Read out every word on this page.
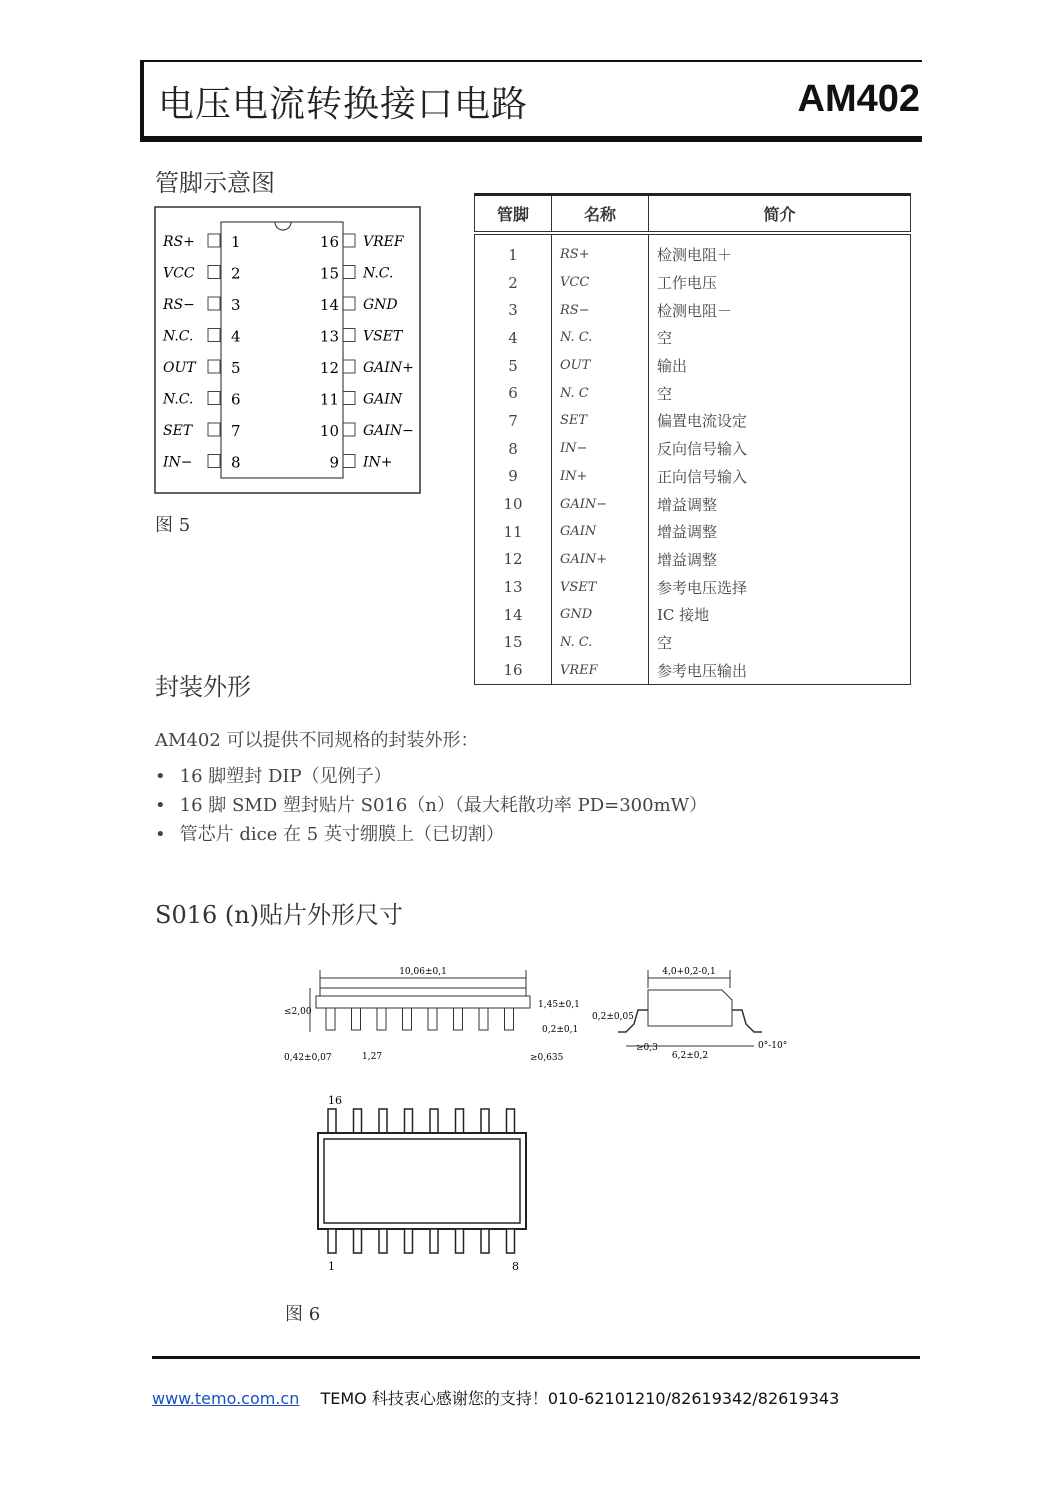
电压电流转换接口电路	AM402
管脚示意图
RS+ 1
VCC 2
RS− 3
N.C.	4
OUT 5
N.C.	6
SET	7
IN−	8
16 VREF
15 N.C.
14 GND
13 VSET
12 GAIN+
11 GAIN
10 GAIN−
9 IN+
图 5
管脚	名称	简介
1	RS+	检测电阻＋
2	VCC	工作电压
3	RS−	检测电阻－
4	N. C.	空
5	OUT	输出
6	N. C	空
7	SET	偏置电流设定
8	IN−	反向信号输入
9	IN+	正向信号输入
10	GAIN−	增益调整
11	GAIN	增益调整
12	GAIN+	增益调整
13	VSET	参考电压选择
14	GND	IC 接地
15	N. C.	空
16	VREF	参考电压输出
封装外形
AM402 可以提供不同规格的封装外形：
• 16 脚塑封 DIP（见例子）
• 16 脚 SMD 塑封贴片 S016（n）（最大耗散功率 PD=300mW）
• 管芯片 dice 在 5 英寸绷膜上（已切割）
S016 (n)贴片外形尺寸
10,06±0,1
≤2,00
1,45±0,1
0,2±0,1
0,42±0,07	1,27	≥0,635
4,0+0,2-0,1
0,2±0,05
≥0,3
6,2±0,2
0°-10°
16
1	8
图 6
www.temo.com.cn TEMO 科技衷心感谢您的支持！010-62101210/82619342/82619343
